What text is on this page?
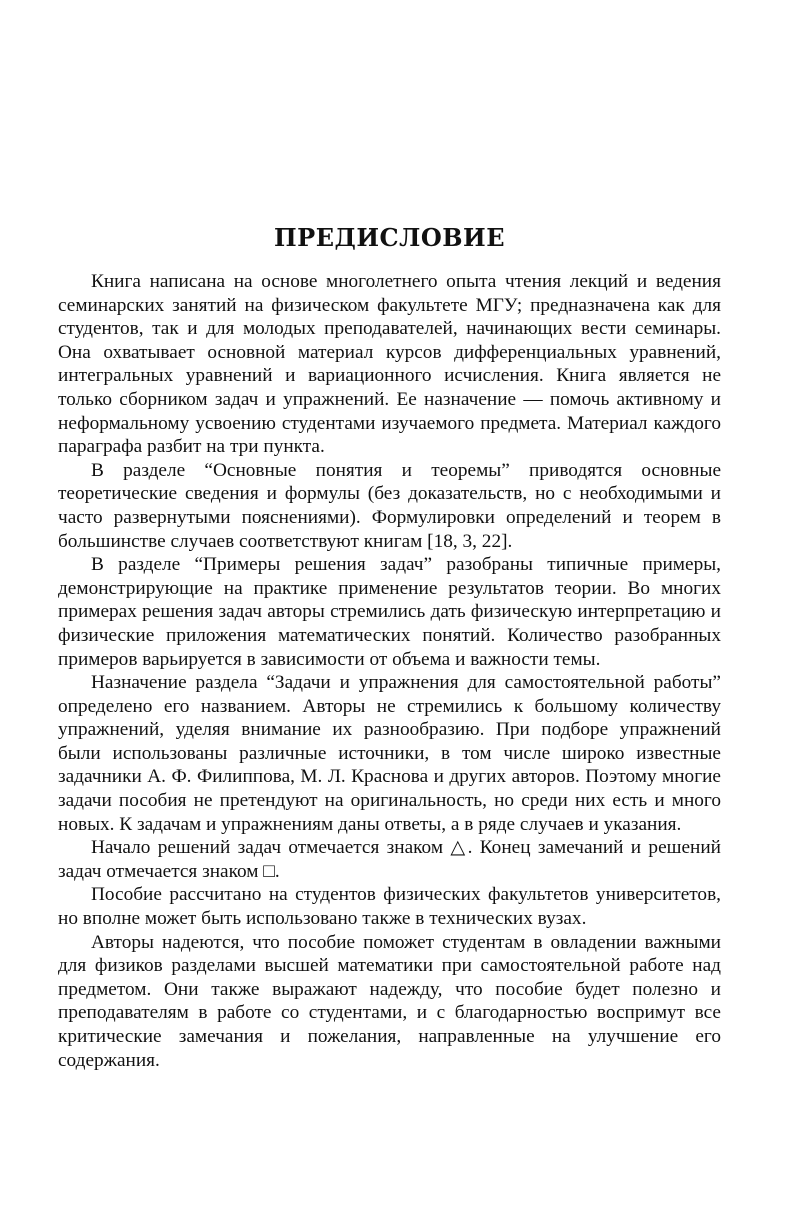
ПРЕДИСЛОВИЕ

Книга написана на основе многолетнего опыта чтения лекций и ведения семинарских занятий на физическом факультете МГУ; предназначена как для студентов, так и для молодых преподавателей, начинающих вести семинары. Она охватывает основной материал курсов дифференциальных уравнений, интегральных уравнений и вариационного исчисления. Книга является не только сборником задач и упражнений. Ее назначение — помочь активному и неформальному усвоению студентами изучаемого предмета. Материал каждого параграфа разбит на три пункта.

В разделе “Основные понятия и теоремы” приводятся основные теоретические сведения и формулы (без доказательств, но с необходимыми и часто развернутыми пояснениями). Формулировки определений и теорем в большинстве случаев соответствуют книгам [18, 3, 22].

В разделе “Примеры решения задач” разобраны типичные примеры, демонстрирующие на практике применение результатов теории. Во многих примерах решения задач авторы стремились дать физическую интерпретацию и физические приложения математических понятий. Количество разобранных примеров варьируется в зависимости от объема и важности темы.

Назначение раздела “Задачи и упражнения для самостоятельной работы” определено его названием. Авторы не стремились к большому количеству упражнений, уделяя внимание их разнообразию. При подборе упражнений были использованы различные источники, в том числе широко известные задачники А. Ф. Филиппова, М. Л. Краснова и других авторов. Поэтому многие задачи пособия не претендуют на оригинальность, но среди них есть и много новых. К задачам и упражнениям даны ответы, а в ряде случаев и указания.

Начало решений задач отмечается знаком △. Конец замечаний и решений задач отмечается знаком □.

Пособие рассчитано на студентов физических факультетов университетов, но вполне может быть использовано также в технических вузах.

Авторы надеются, что пособие поможет студентам в овладении важными для физиков разделами высшей математики при самостоятельной работе над предметом. Они также выражают надежду, что пособие будет полезно и преподавателям в работе со студентами, и с благодарностью воспримут все критические замечания и пожелания, направленные на улучшение его содержания.
